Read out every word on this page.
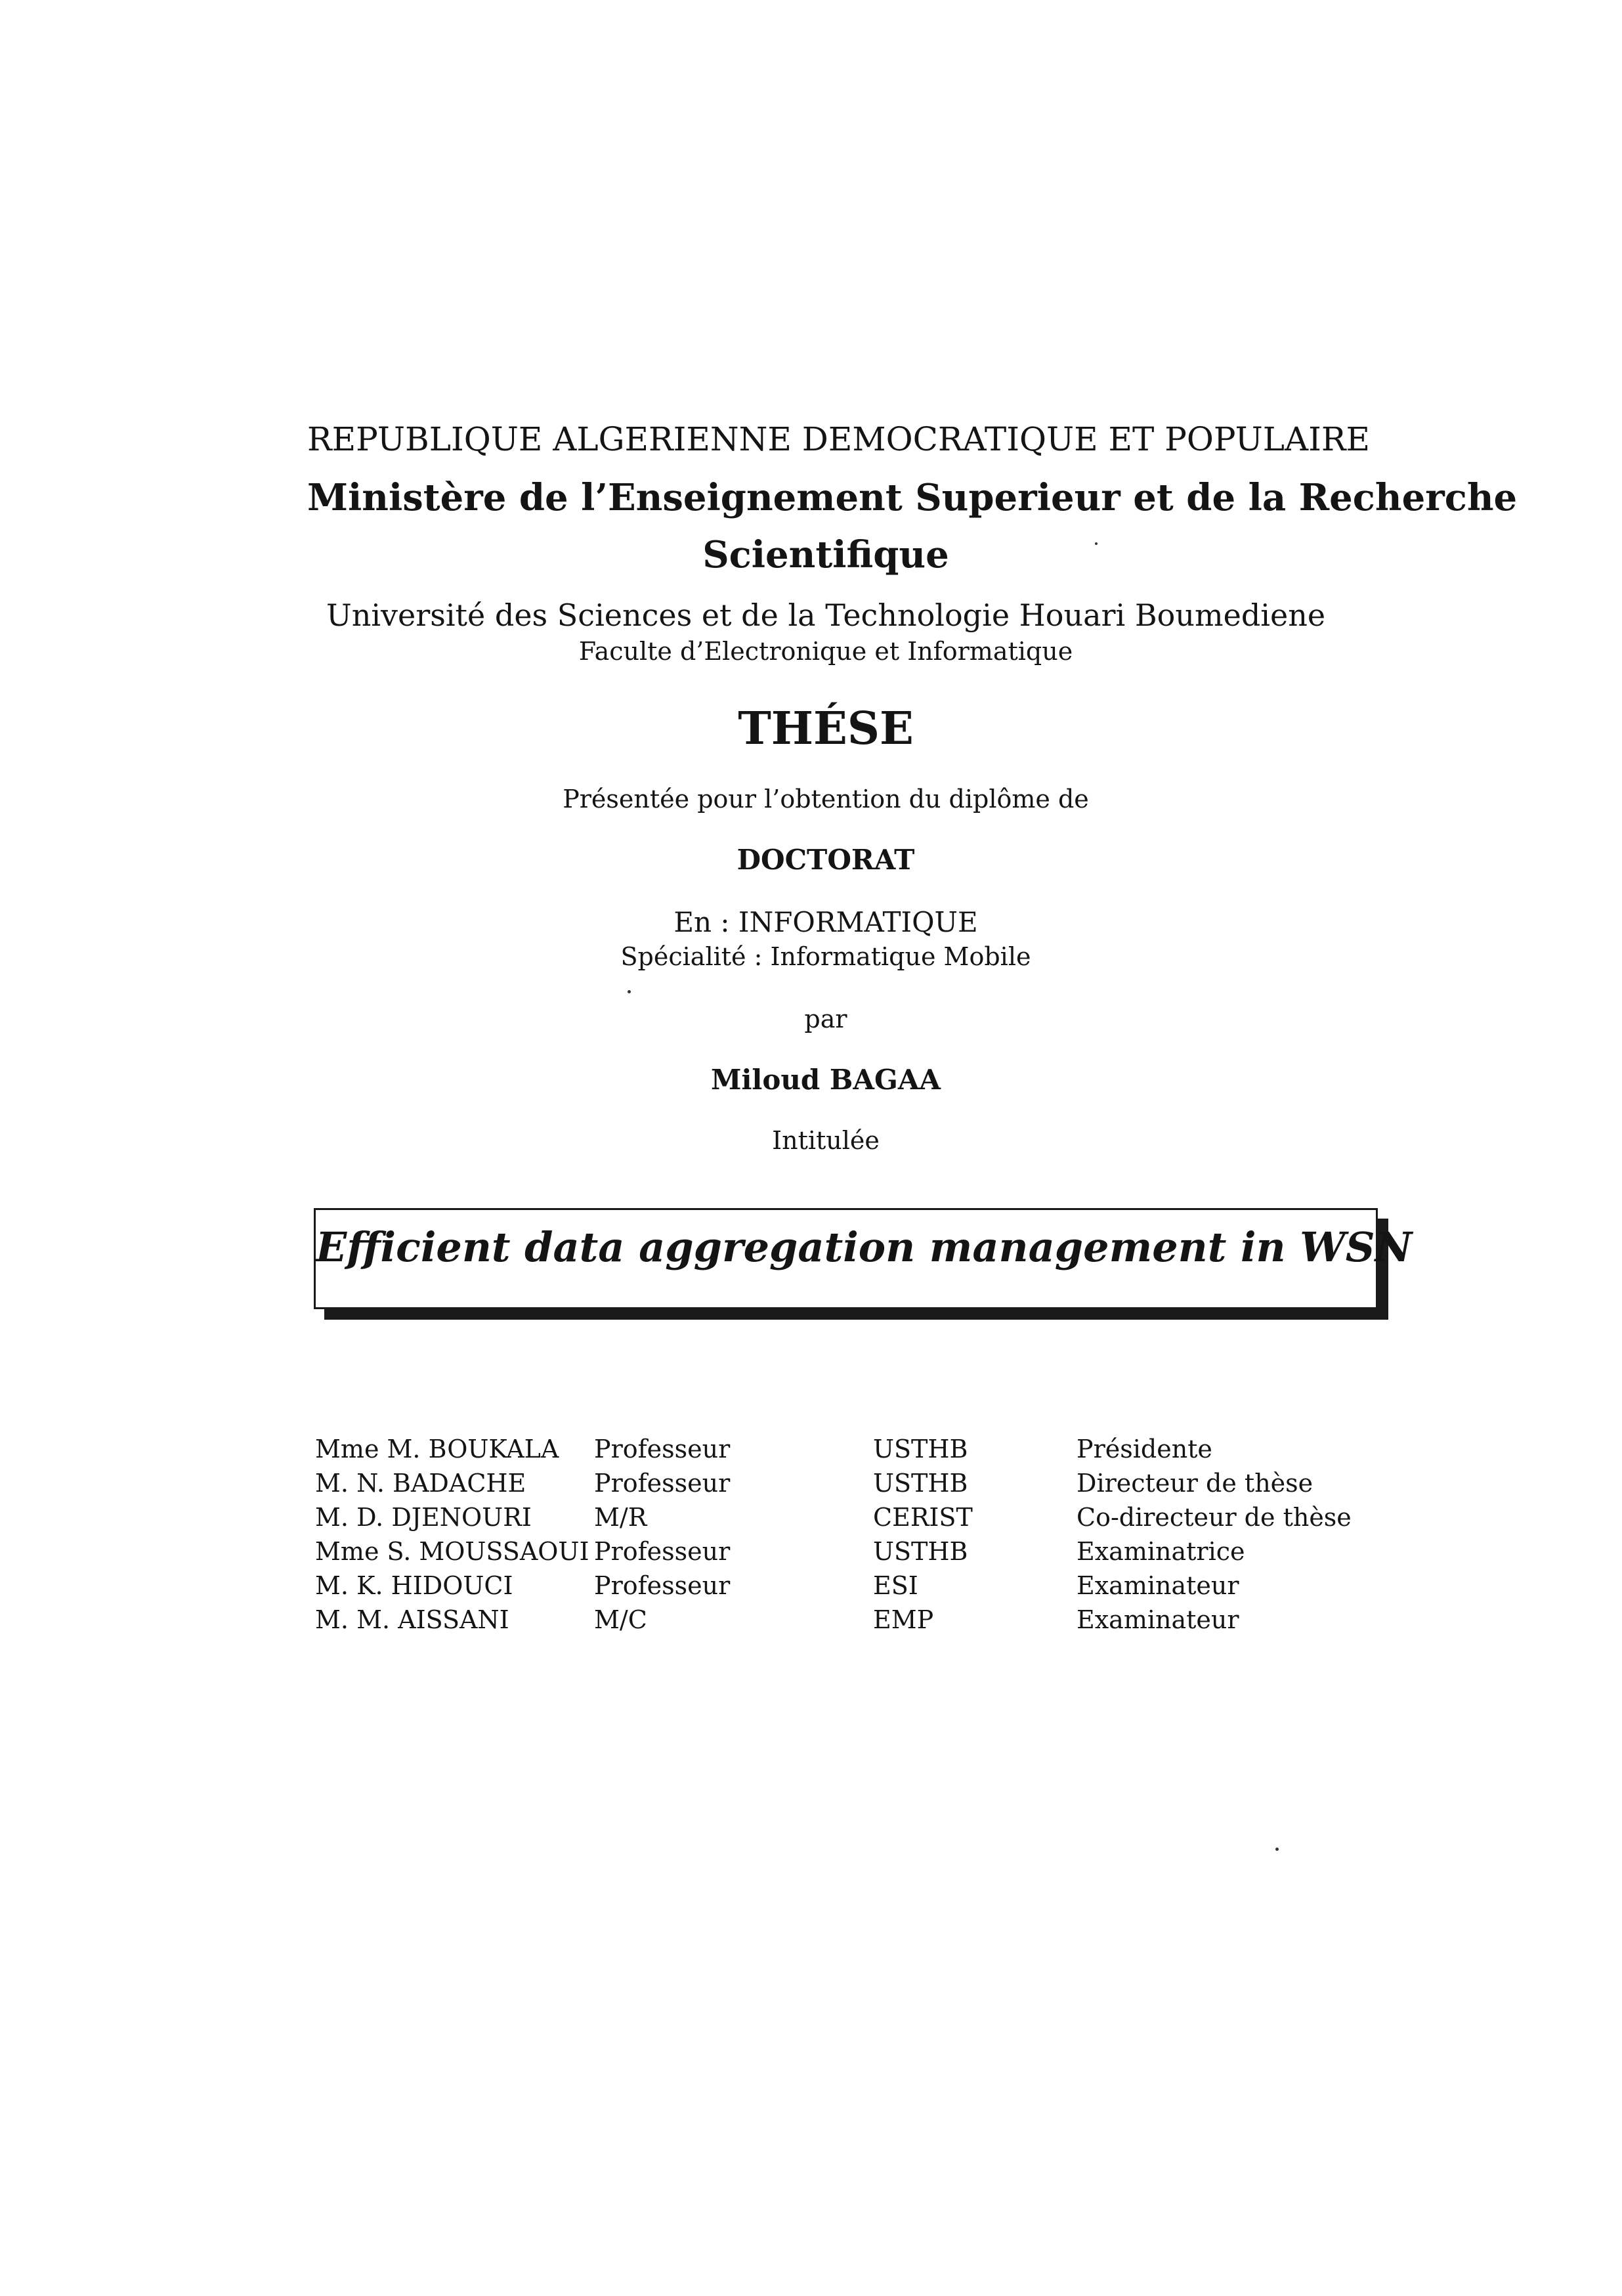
REPUBLIQUE ALGERIENNE DEMOCRATIQUE ET POPULAIRE
Ministère de l’Enseignement Superieur et de la Recherche
Scientifique
Université des Sciences et de la Technologie Houari Boumediene
Faculte d’Electronique et Informatique
THÉSE
Présentée pour l’obtention du diplôme de
DOCTORAT
En : INFORMATIQUE
Spécialité : Informatique Mobile
par
Miloud BAGAA
Intitulée
Efficient data aggregation management in WSN
Mme M. BOUKALA	Professeur	USTHB	Présidente
M. N. BADACHE	Professeur	USTHB	Directeur de thèse
M. D. DJENOURI	M/R	CERIST	Co-directeur de thèse
Mme S. MOUSSAOUI	Professeur	USTHB	Examinatrice
M. K. HIDOUCI	Professeur	ESI	Examinateur
M. M. AISSANI	M/C	EMP	Examinateur
